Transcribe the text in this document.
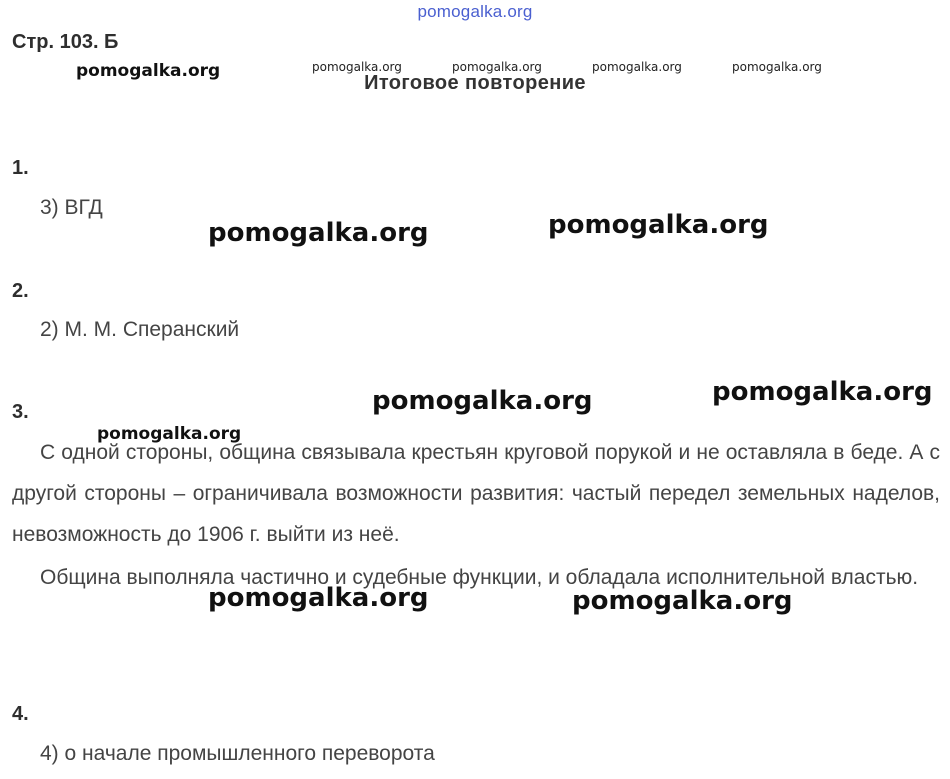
pomogalka.org
Стр. 103. Б
Итоговое повторение
pomogalka.org	pomogalka.org	pomogalka.org	pomogalka.org	pomogalka.org
1.
3) ВГД
pomogalka.org	pomogalka.org
2.
2) М. М. Сперанский
3.	pomogalka.org	pomogalka.org
pomogalka.org
С одной стороны, община связывала крестьян круговой порукой и не оставляла в беде. А с другой стороны – ограничивала возможности развития: частый передел земельных наделов, невозможность до 1906 г. выйти из неё.
Община выполняла частично и судебные функции, и обладала исполнительной властью.
pomogalka.org	pomogalka.org
4.
4) о начале промышленного переворота
